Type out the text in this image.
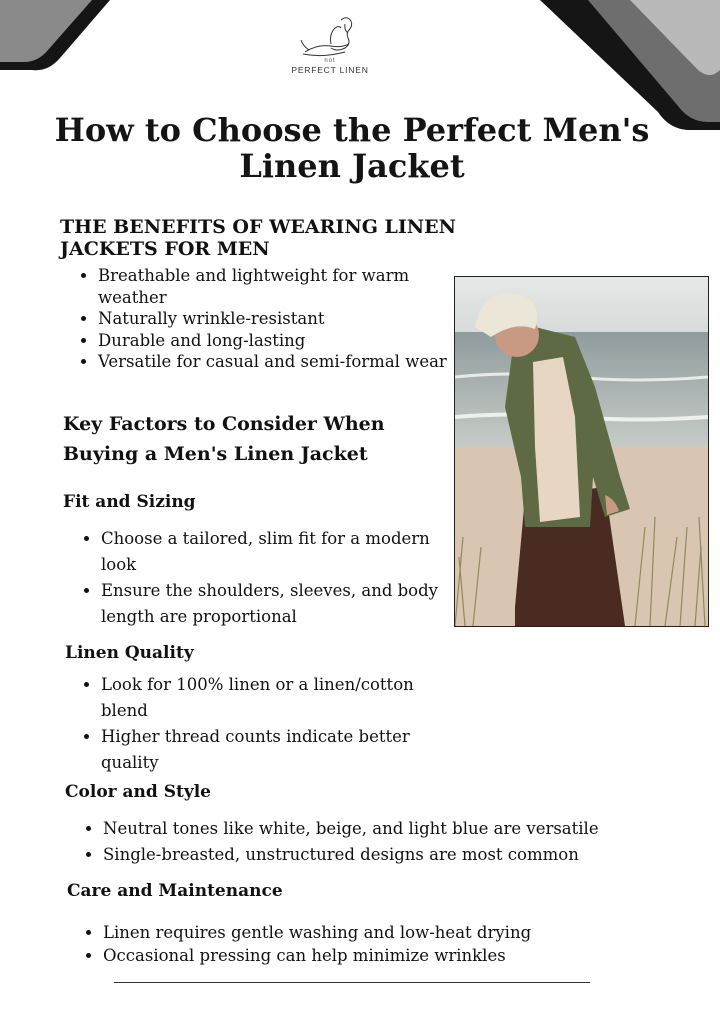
not
PERFECT LINEN
How to Choose the Perfect Men's Linen Jacket
THE BENEFITS OF WEARING LINEN JACKETS FOR MEN
• Breathable and lightweight for warm weather
• Naturally wrinkle-resistant
• Durable and long-lasting
• Versatile for casual and semi-formal wear
Key Factors to Consider When Buying a Men's Linen Jacket
Fit and Sizing
• Choose a tailored, slim fit for a modern look
• Ensure the shoulders, sleeves, and body length are proportional
Linen Quality
• Look for 100% linen or a linen/cotton blend
• Higher thread counts indicate better quality
Color and Style
• Neutral tones like white, beige, and light blue are versatile
• Single-breasted, unstructured designs are most common
Care and Maintenance
• Linen requires gentle washing and low-heat drying
• Occasional pressing can help minimize wrinkles
